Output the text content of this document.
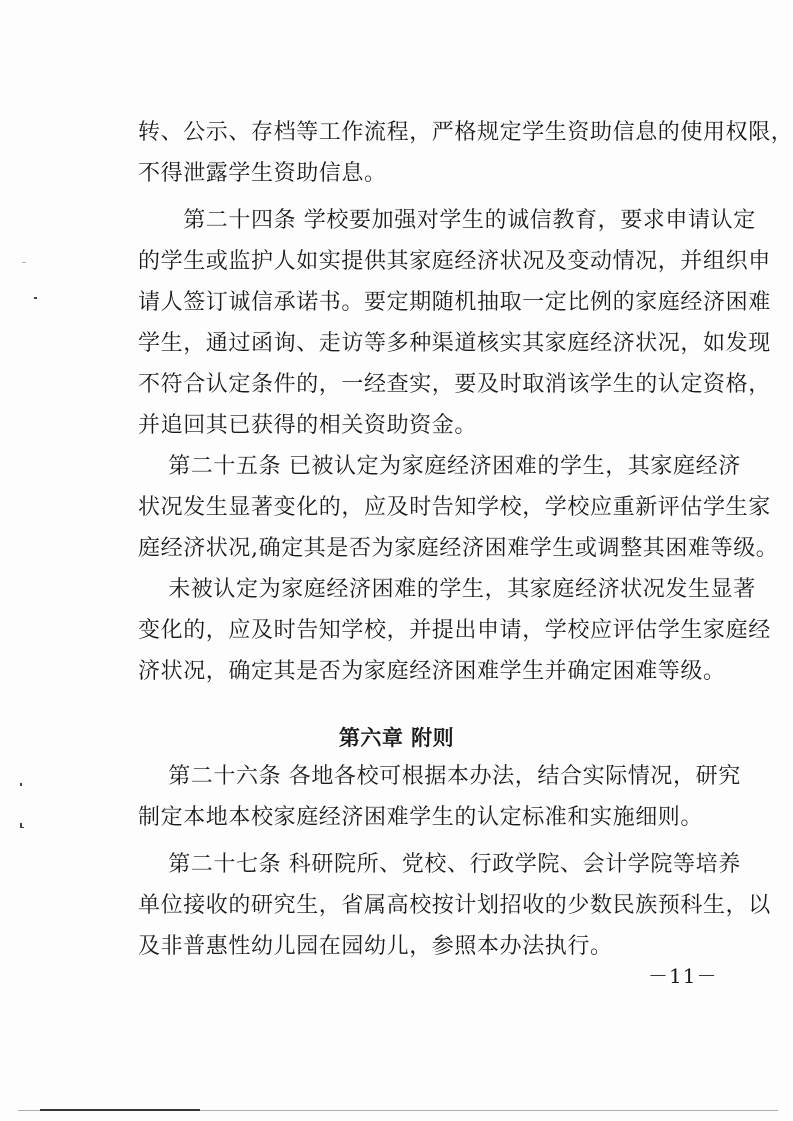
转、公示、存档等工作流程，严格规定学生资助信息的使用权限，
不得泄露学生资助信息。
　　第二十四条 学校要加强对学生的诚信教育，要求申请认定
的学生或监护人如实提供其家庭经济状况及变动情况，并组织申
请人签订诚信承诺书。要定期随机抽取一定比例的家庭经济困难
学生，通过函询、走访等多种渠道核实其家庭经济状况，如发现
不符合认定条件的，一经查实，要及时取消该学生的认定资格，
并追回其已获得的相关资助资金。
　 第二十五条 已被认定为家庭经济困难的学生，其家庭经济
状况发生显著变化的，应及时告知学校，学校应重新评估学生家
庭经济状况,确定其是否为家庭经济困难学生或调整其困难等级。
　 未被认定为家庭经济困难的学生，其家庭经济状况发生显著
变化的，应及时告知学校，并提出申请，学校应评估学生家庭经
济状况，确定其是否为家庭经济困难学生并确定困难等级。
第六章 附则
　 第二十六条 各地各校可根据本办法，结合实际情况，研究
制定本地本校家庭经济困难学生的认定标准和实施细则。
　 第二十七条 科研院所、党校、行政学院、会计学院等培养
单位接收的研究生，省属高校按计划招收的少数民族预科生，以
及非普惠性幼儿园在园幼儿，参照本办法执行。
－11－
